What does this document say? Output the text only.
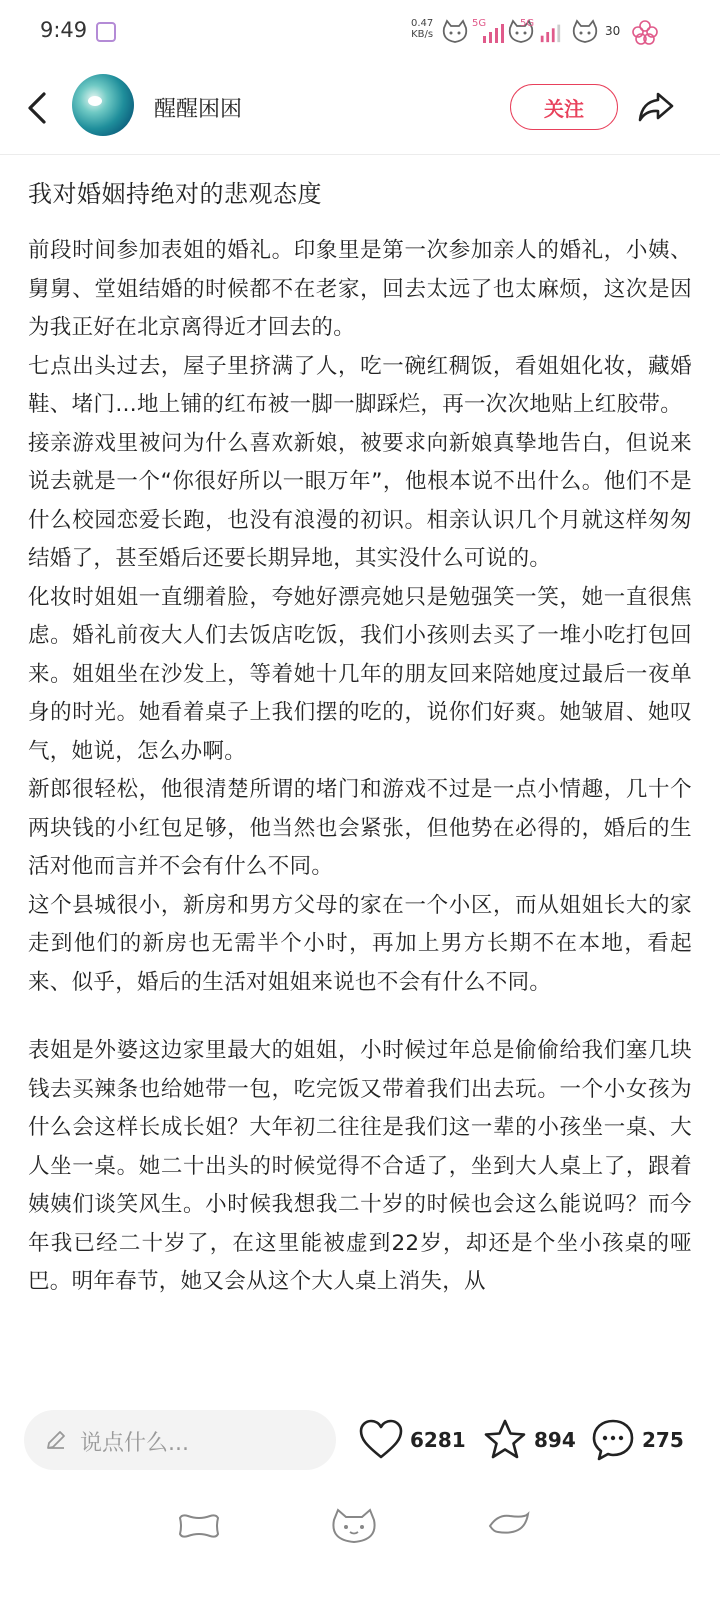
9:49	0.47
KB/s
5G	5G
30
醒醒困困	关注
我对婚姻持绝对的悲观态度

前段时间参加表姐的婚礼。印象里是第一次参加亲人的婚礼，小姨、舅舅、堂姐结婚的时候都不在老家，回去太远了也太麻烦，这次是因为我正好在北京离得近才回去的。

七点出头过去，屋子里挤满了人，吃一碗红稠饭，看姐姐化妆，藏婚鞋、堵门…地上铺的红布被一脚一脚踩烂，再一次次地贴上红胶带。

接亲游戏里被问为什么喜欢新娘，被要求向新娘真挚地告白，但说来说去就是一个“你很好所以一眼万年”，他根本说不出什么。他们不是什么校园恋爱长跑，也没有浪漫的初识。相亲认识几个月就这样匆匆结婚了，甚至婚后还要长期异地，其实没什么可说的。

化妆时姐姐一直绷着脸，夸她好漂亮她只是勉强笑一笑，她一直很焦虑。婚礼前夜大人们去饭店吃饭，我们小孩则去买了一堆小吃打包回来。姐姐坐在沙发上，等着她十几年的朋友回来陪她度过最后一夜单身的时光。她看着桌子上我们摆的吃的，说你们好爽。她皱眉、她叹气，她说，怎么办啊。

新郎很轻松，他很清楚所谓的堵门和游戏不过是一点小情趣，几十个两块钱的小红包足够，他当然也会紧张，但他势在必得的，婚后的生活对他而言并不会有什么不同。

这个县城很小，新房和男方父母的家在一个小区，而从姐姐长大的家走到他们的新房也无需半个小时，再加上男方长期不在本地，看起来、似乎，婚后的生活对姐姐来说也不会有什么不同。

表姐是外婆这边家里最大的姐姐，小时候过年总是偷偷给我们塞几块钱去买辣条也给她带一包，吃完饭又带着我们出去玩。一个小女孩为什么会这样长成长姐？大年初二往往是我们这一辈的小孩坐一桌、大人坐一桌。她二十出头的时候觉得不合适了，坐到大人桌上了，跟着姨姨们谈笑风生。小时候我想我二十岁的时候也会这么能说吗？而今年我已经二十岁了，在这里能被虚到22岁，却还是个坐小孩桌的哑巴。明年春节，她又会从这个大人桌上消失，从

说点什么...	6281	894	275
